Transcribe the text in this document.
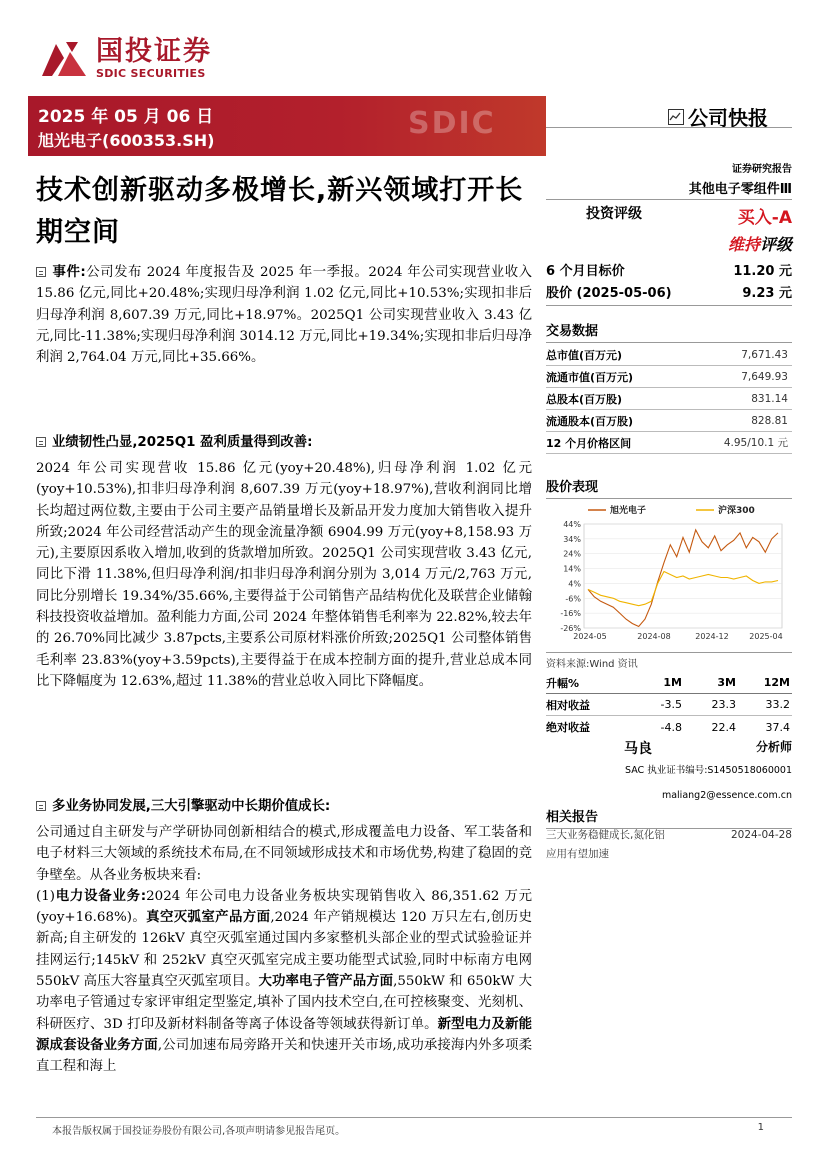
国投证券
SDIC SECURITIES
2025 年 05 月 06 日
旭光电子(600353.SH)	SDIC	公司快报
技术创新驱动多极增长,新兴领域打开长期空间
证券研究报告
其他电子零组件Ⅲ
投资评级	买入-A
维持评级
6 个月目标价	11.20 元
股价 (2025-05-06)	9.23 元
交易数据
总市值(百万元)	7,671.43
流通市值(百万元)	7,649.93
总股本(百万股)	831.14
流通股本(百万股)	828.81
12 个月价格区间	4.95/10.1 元
股价表现
44%
34%
24%
14%
4%
-6%
-16%
-26%
2024-05	2024-08	2024-12	2025-04
旭光电子	沪深300
资料来源:Wind 资讯
升幅%	1M	3M	12M
相对收益	-3.5	23.3	33.2
绝对收益	-4.8	22.4	37.4
马良	分析师
SAC 执业证书编号:S1450518060001
maliang2@essence.com.cn
相关报告
三大业务稳健成长,氮化铝	2024-04-28
应用有望加速
事件:公司发布 2024 年度报告及 2025 年一季报。2024 年公司实现营业收入 15.86 亿元,同比+20.48%;实现归母净利润 1.02 亿元,同比+10.53%;实现扣非后归母净利润 8,607.39 万元,同比+18.97%。2025Q1 公司实现营业收入 3.43 亿元,同比-11.38%;实现归母净利润 3014.12 万元,同比+19.34%;实现扣非后归母净利润 2,764.04 万元,同比+35.66%。
业绩韧性凸显,2025Q1 盈利质量得到改善:
2024 年公司实现营收 15.86 亿元(yoy+20.48%),归母净利润 1.02 亿元(yoy+10.53%),扣非归母净利润 8,607.39 万元(yoy+18.97%),营收利润同比增长均超过两位数,主要由于公司主要产品销量增长及新品开发力度加大销售收入提升所致;2024 年公司经营活动产生的现金流量净额 6904.99 万元(yoy+8,158.93 万元),主要原因系收入增加,收到的货款增加所致。2025Q1 公司实现营收 3.43 亿元,同比下滑 11.38%,但归母净利润/扣非归母净利润分别为 3,014 万元/2,763 万元,同比分别增长 19.34%/35.66%,主要得益于公司销售产品结构优化及联营企业储翰科技投资收益增加。盈利能力方面,公司 2024 年整体销售毛利率为 22.82%,较去年的 26.70%同比减少 3.87pcts,主要系公司原材料涨价所致;2025Q1 公司整体销售毛利率 23.83%(yoy+3.59pcts),主要得益于在成本控制方面的提升,营业总成本同比下降幅度为 12.63%,超过 11.38%的营业总收入同比下降幅度。
多业务协同发展,三大引擎驱动中长期价值成长:
公司通过自主研发与产学研协同创新相结合的模式,形成覆盖电力设备、军工装备和电子材料三大领域的系统技术布局,在不同领域形成技术和市场优势,构建了稳固的竞争壁垒。从各业务板块来看:
(1)电力设备业务:2024 年公司电力设备业务板块实现销售收入 86,351.62 万元(yoy+16.68%)。真空灭弧室产品方面,2024 年产销规模达 120 万只左右,创历史新高;自主研发的 126kV 真空灭弧室通过国内多家整机头部企业的型式试验验证并挂网运行;145kV 和 252kV 真空灭弧室完成主要功能型式试验,同时中标南方电网 550kV 高压大容量真空灭弧室项目。大功率电子管产品方面,550kW 和 650kW 大功率电子管通过专家评审组定型鉴定,填补了国内技术空白,在可控核聚变、光刻机、科研医疗、3D 打印及新材料制备等离子体设备等领域获得新订单。新型电力及新能源成套设备业务方面,公司加速布局旁路开关和快速开关市场,成功承接海内外多项柔直工程和海上
本报告版权属于国投证券股份有限公司,各项声明请参见报告尾页。	1
